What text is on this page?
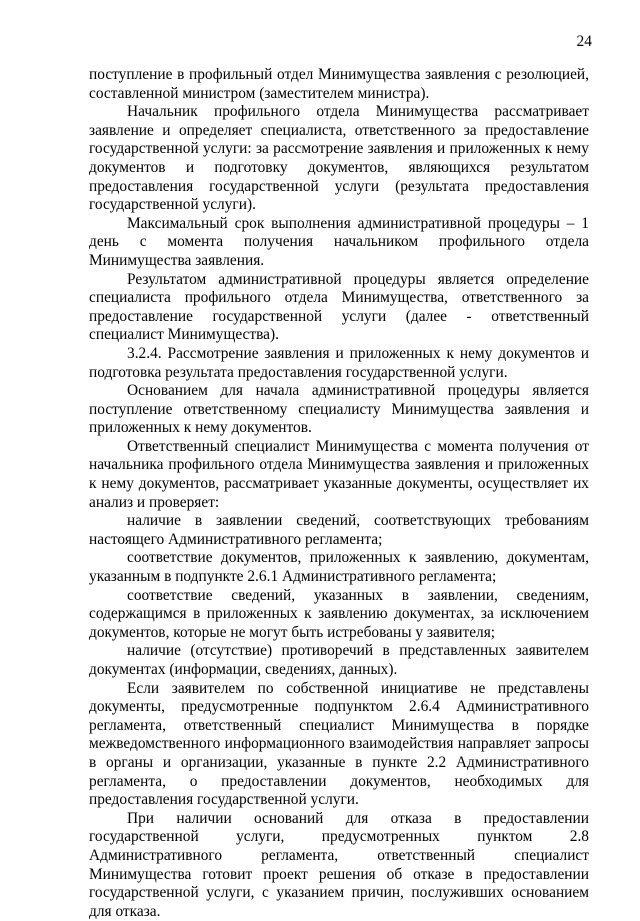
24

поступление в профильный отдел Минимущества заявления с резолюцией, составленной министром (заместителем министра).

Начальник профильного отдела Минимущества рассматривает заявление и определяет специалиста, ответственного за предоставление государственной услуги: за рассмотрение заявления и приложенных к нему документов и подготовку документов, являющихся результатом предоставления государственной услуги (результата предоставления государственной услуги).

Максимальный срок выполнения административной процедуры – 1 день с момента получения начальником профильного отдела Минимущества заявления.

Результатом административной процедуры является определение специалиста профильного отдела Минимущества, ответственного за предоставление государственной услуги (далее - ответственный специалист Минимущества).

3.2.4. Рассмотрение заявления и приложенных к нему документов и подготовка результата предоставления государственной услуги.

Основанием для начала административной процедуры является поступление ответственному специалисту Минимущества заявления и приложенных к нему документов.

Ответственный специалист Минимущества с момента получения от начальника профильного отдела Минимущества заявления и приложенных к нему документов, рассматривает указанные документы, осуществляет их анализ и проверяет:

наличие в заявлении сведений, соответствующих требованиям настоящего Административного регламента;

соответствие документов, приложенных к заявлению, документам, указанным в подпункте 2.6.1 Административного регламента;

соответствие сведений, указанных в заявлении, сведениям, содержащимся в приложенных к заявлению документах, за исключением документов, которые не могут быть истребованы у заявителя;

наличие (отсутствие) противоречий в представленных заявителем документах (информации, сведениях, данных).

Если заявителем по собственной инициативе не представлены документы, предусмотренные подпунктом 2.6.4 Административного регламента, ответственный специалист Минимущества в порядке межведомственного информационного взаимодействия направляет запросы в органы и организации, указанные в пункте 2.2 Административного регламента, о предоставлении документов, необходимых для предоставления государственной услуги.

При наличии оснований для отказа в предоставлении государственной услуги, предусмотренных пунктом 2.8 Административного регламента, ответственный специалист Минимущества готовит проект решения об отказе в предоставлении государственной услуги, с указанием причин, послуживших основанием для отказа.
